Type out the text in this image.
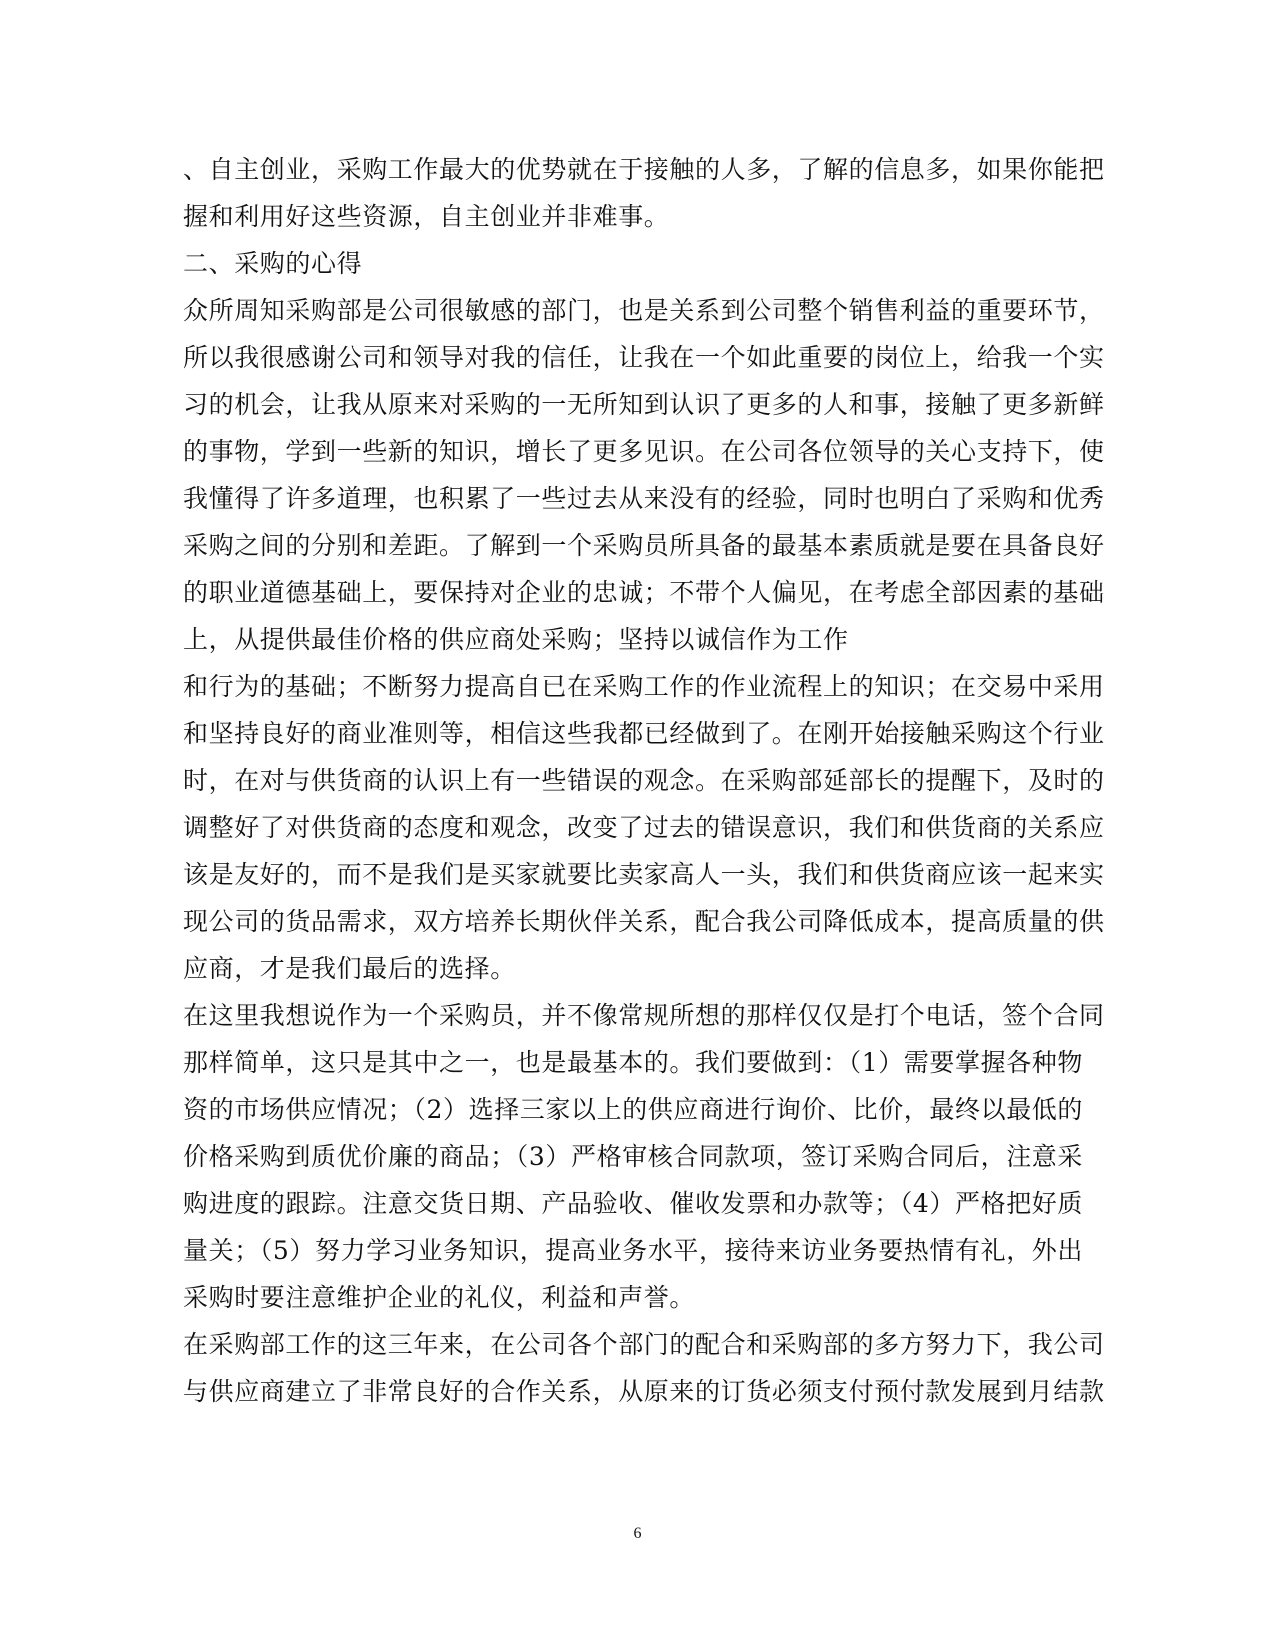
、自主创业，采购工作最大的优势就在于接触的人多，了解的信息多，如果你能把
握和利用好这些资源，自主创业并非难事。
二、采购的心得
众所周知采购部是公司很敏感的部门，也是关系到公司整个销售利益的重要环节，
所以我很感谢公司和领导对我的信任，让我在一个如此重要的岗位上，给我一个实
习的机会，让我从原来对采购的一无所知到认识了更多的人和事，接触了更多新鲜
的事物，学到一些新的知识，增长了更多见识。在公司各位领导的关心支持下，使
我懂得了许多道理，也积累了一些过去从来没有的经验，同时也明白了采购和优秀
采购之间的分别和差距。了解到一个采购员所具备的最基本素质就是要在具备良好
的职业道德基础上，要保持对企业的忠诚；不带个人偏见，在考虑全部因素的基础
上，从提供最佳价格的供应商处采购；坚持以诚信作为工作
和行为的基础；不断努力提高自已在采购工作的作业流程上的知识；在交易中采用
和坚持良好的商业准则等，相信这些我都已经做到了。在刚开始接触采购这个行业
时，在对与供货商的认识上有一些错误的观念。在采购部延部长的提醒下，及时的
调整好了对供货商的态度和观念，改变了过去的错误意识，我们和供货商的关系应
该是友好的，而不是我们是买家就要比卖家高人一头，我们和供货商应该一起来实
现公司的货品需求，双方培养长期伙伴关系，配合我公司降低成本，提高质量的供
应商，才是我们最后的选择。
在这里我想说作为一个采购员，并不像常规所想的那样仅仅是打个电话，签个合同
那样简单，这只是其中之一，也是最基本的。我们要做到：（1）需要掌握各种物
资的市场供应情况；（2）选择三家以上的供应商进行询价、比价，最终以最低的
价格采购到质优价廉的商品；（3）严格审核合同款项，签订采购合同后，注意采
购进度的跟踪。注意交货日期、产品验收、催收发票和办款等；（4）严格把好质
量关；（5）努力学习业务知识，提高业务水平，接待来访业务要热情有礼，外出
采购时要注意维护企业的礼仪，利益和声誉。
在采购部工作的这三年来，在公司各个部门的配合和采购部的多方努力下，我公司
与供应商建立了非常良好的合作关系，从原来的订货必须支付预付款发展到月结款
6
